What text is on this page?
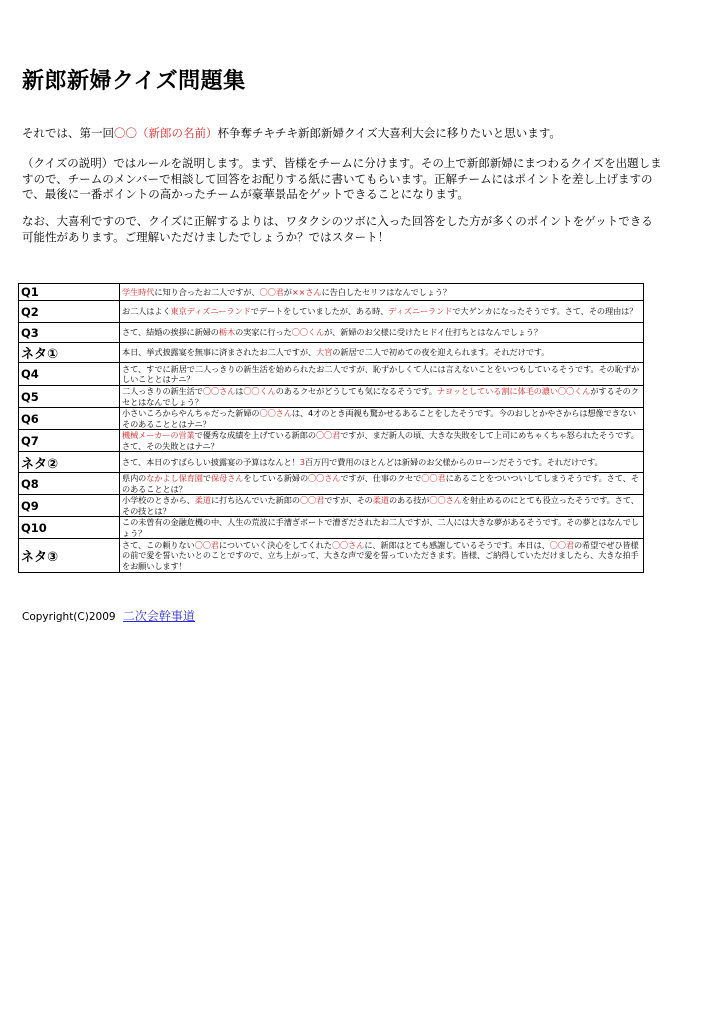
新郎新婦クイズ問題集
それでは、第一回〇〇（新郎の名前）杯争奪チキチキ新郎新婦クイズ大喜利大会に移りたいと思います。
（クイズの説明）ではルールを説明します。まず、皆様をチームに分けます。その上で新郎新婦にまつわるクイズを出題しますので、チームのメンバーで相談して回答をお配りする紙に書いてもらいます。正解チームにはポイントを差し上げますので、最後に一番ポイントの高かったチームが豪華景品をゲットできることになります。
なお、大喜利ですので、クイズに正解するよりは、ワタクシのツボに入った回答をした方が多くのポイントをゲットできる可能性があります。ご理解いただけましたでしょうか？ではスタート！
Q1	学生時代に知り合ったお二人ですが、〇〇君が××さんに告白したセリフはなんでしょう？
Q2	お二人はよく東京ディズニーランドでデートをしていましたが、ある時、ディズニーランドで大ゲンカになったそうです。さて、その理由は？
Q3	さて、結婚の挨拶に新婦の栃木の実家に行った〇〇くんが、新婦のお父様に受けたヒドイ仕打ちとはなんでしょう？
ネタ①	本日、挙式披露宴を無事に済まされたお二人ですが、大宮の新居で二人で初めての夜を迎えられます。それだけです。
Q4	さて、すでに新居で二人っきりの新生活を始められたお二人ですが、恥ずかしくて人には言えないことをいつもしているそうです。その恥ずかしいこととはナニ？
Q5	二人っきりの新生活で〇〇さんは〇〇くんのあるクセがどうしても気になるそうです。ナヨッとしている割に体毛の濃い〇〇くんがするそのクセとはなんでしょう？
Q6	小さいころからやんちゃだった新婦の〇〇さんは、4才のとき両親も驚かせるあることをしたそうです。今のおしとかやさからは想像できないそのあることとはナニ？
Q7	機械メーカーの営業で優秀な成績を上げている新郎の〇〇君ですが、まだ新人の頃、大きな失敗をして上司にめちゃくちゃ怒られたそうです。さて、その失敗とはナニ？
ネタ②	さて、本日のすばらしい披露宴の予算はなんと！3百万円で費用のほとんどは新婦のお父様からのローンだそうです。それだけです。
Q8	県内のなかよし保育園で保母さんをしている新婦の〇〇さんですが、仕事のクセで〇〇君にあることをついついしてしまうそうです。さて、そのあることとは？
Q9	小学校のときから、柔道に打ち込んでいた新郎の〇〇君ですが、その柔道のある技が〇〇さんを射止めるのにとても役立ったそうです。さて、その技とは？
Q10	この未曽有の金融危機の中、人生の荒波に手漕ぎボートで漕ぎだされたお二人ですが、二人には大きな夢があるそうです。その夢とはなんでしょう？
ネタ③	さて、この頼りない〇〇君についていく決心をしてくれた〇〇さんに、新郎はとても感謝しているそうです。本日は、〇〇君の希望でぜひ皆様の前で愛を誓いたいとのことですので、立ち上がって、大きな声で愛を誓っていただきます。皆様、ご納得していただけましたら、大きな拍手をお願いします！
Copyright(C)2009 二次会幹事道
